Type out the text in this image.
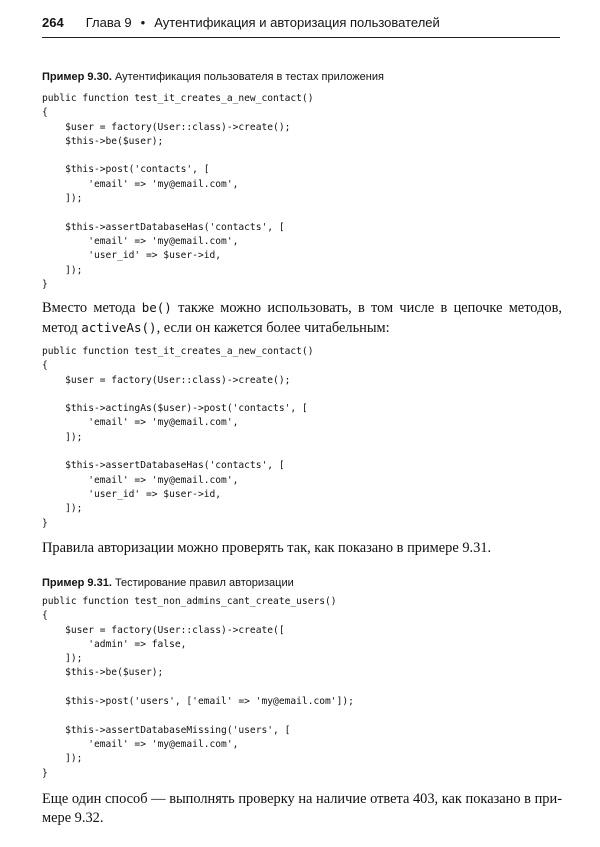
264 Глава 9 • Аутентификация и авторизация пользователей
Пример 9.30. Аутентификация пользователя в тестах приложения
public function test_it_creates_a_new_contact()
{
$user = factory(User::class)->create();
$this->be($user);

$this->post('contacts', [
'email' => 'my@email.com',
]);

$this->assertDatabaseHas('contacts', [
'email' => 'my@email.com',
'user_id' => $user->id,
]);
}

Вместо метода be() также можно использовать, в том числе в цепочке методов,
метод activeAs(), если он кажется более читабельным:

public function test_it_creates_a_new_contact()
{
$user = factory(User::class)->create();

$this->actingAs($user)->post('contacts', [
'email' => 'my@email.com',
]);

$this->assertDatabaseHas('contacts', [
'email' => 'my@email.com',
'user_id' => $user->id,
]);
}

Правила авторизации можно проверять так, как показано в примере 9.31.

Пример 9.31. Тестирование правил авторизации
public function test_non_admins_cant_create_users()
{
$user = factory(User::class)->create([
'admin' => false,
]);
$this->be($user);

$this->post('users', ['email' => 'my@email.com']);

$this->assertDatabaseMissing('users', [
'email' => 'my@email.com',
]);
}

Еще один способ — выполнять проверку на наличие ответа 403, как показано в при-
мере 9.32.
